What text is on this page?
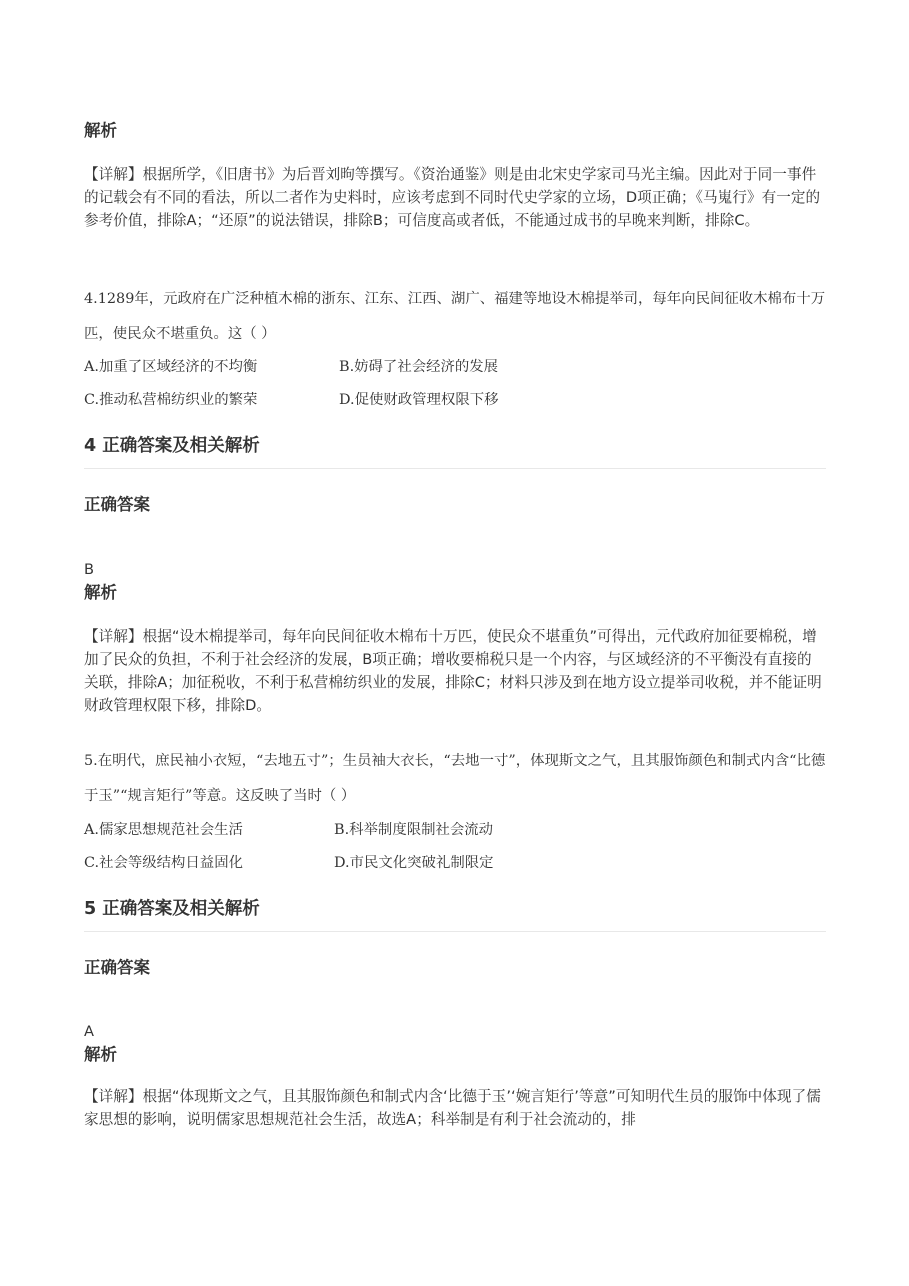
解析
【详解】根据所学，《旧唐书》为后晋刘昫等撰写。《资治通鉴》则是由北宋史学家司马光主编。因此对于同一事件的记载会有不同的看法，所以二者作为史料时，应该考虑到不同时代史学家的立场，D项正确；《马嵬行》有一定的参考价值，排除A；“还原”的说法错误，排除B；可信度高或者低，不能通过成书的早晚来判断，排除C。
4.1289年，元政府在广泛种植木棉的浙东、江东、江西、湖广、福建等地设木棉提举司，每年向民间征收木棉布十万匹，使民众不堪重负。这（ ）
A.加重了区域经济的不均衡	B.妨碍了社会经济的发展
C.推动私营棉纺织业的繁荣	D.促使财政管理权限下移
4 正确答案及相关解析
正确答案
B
解析
【详解】根据“设木棉提举司，每年向民间征收木棉布十万匹，使民众不堪重负”可得出，元代政府加征要棉税，增加了民众的负担，不利于社会经济的发展，B项正确；增收要棉税只是一个内容，与区域经济的不平衡没有直接的关联，排除A；加征税收，不利于私营棉纺织业的发展，排除C；材料只涉及到在地方设立提举司收税，并不能证明财政管理权限下移，排除D。
5.在明代，庶民袖小衣短，“去地五寸”；生员袖大衣长，“去地一寸”，体现斯文之气，且其服饰颜色和制式内含“比德于玉”“规言矩行”等意。这反映了当时（ ）
A.儒家思想规范社会生活	B.科举制度限制社会流动
C.社会等级结构日益固化	D.市民文化突破礼制限定
5 正确答案及相关解析
正确答案
A
解析
【详解】根据“体现斯文之气，且其服饰颜色和制式内含‘比德于玉’‘婉言矩行’等意”可知明代生员的服饰中体现了儒家思想的影响，说明儒家思想规范社会生活，故选A；科举制是有利于社会流动的，排
